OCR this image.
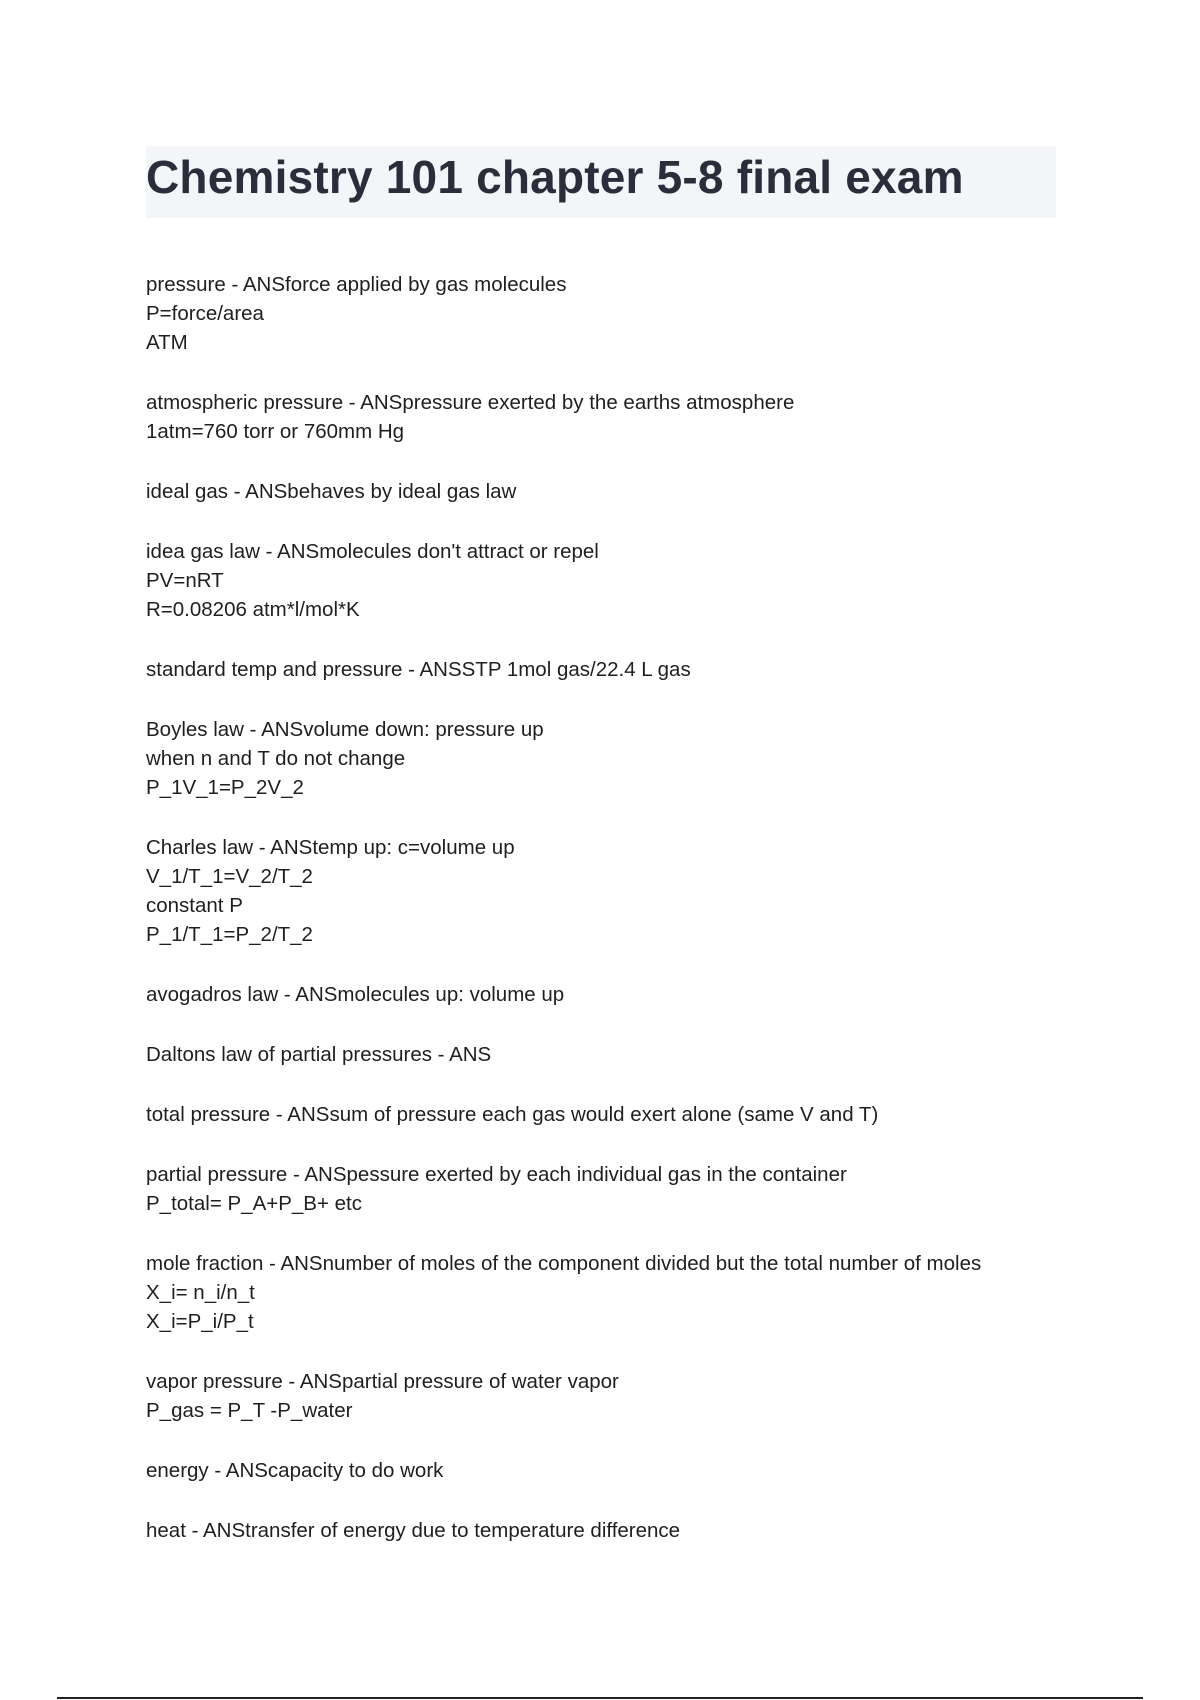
Chemistry 101 chapter 5-8 final exam
pressure - ANSforce applied by gas molecules
P=force/area
ATM
atmospheric pressure - ANSpressure exerted by the earths atmosphere
1atm=760 torr or 760mm Hg
ideal gas - ANSbehaves by ideal gas law
idea gas law - ANSmolecules don't attract or repel
PV=nRT
R=0.08206 atm*l/mol*K
standard temp and pressure - ANSSTP 1mol gas/22.4 L gas
Boyles law - ANSvolume down: pressure up
when n and T do not change
P_1V_1=P_2V_2
Charles law - ANStemp up: c=volume up
V_1/T_1=V_2/T_2
constant P
P_1/T_1=P_2/T_2
avogadros law - ANSmolecules up: volume up
Daltons law of partial pressures - ANS
total pressure - ANSsum of pressure each gas would exert alone (same V and T)
partial pressure - ANSpessure exerted by each individual gas in the container
P_total= P_A+P_B+ etc
mole fraction - ANSnumber of moles of the component divided but the total number of moles
X_i= n_i/n_t
X_i=P_i/P_t
vapor pressure - ANSpartial pressure of water vapor
P_gas = P_T -P_water
energy - ANScapacity to do work
heat - ANStransfer of energy due to temperature difference
